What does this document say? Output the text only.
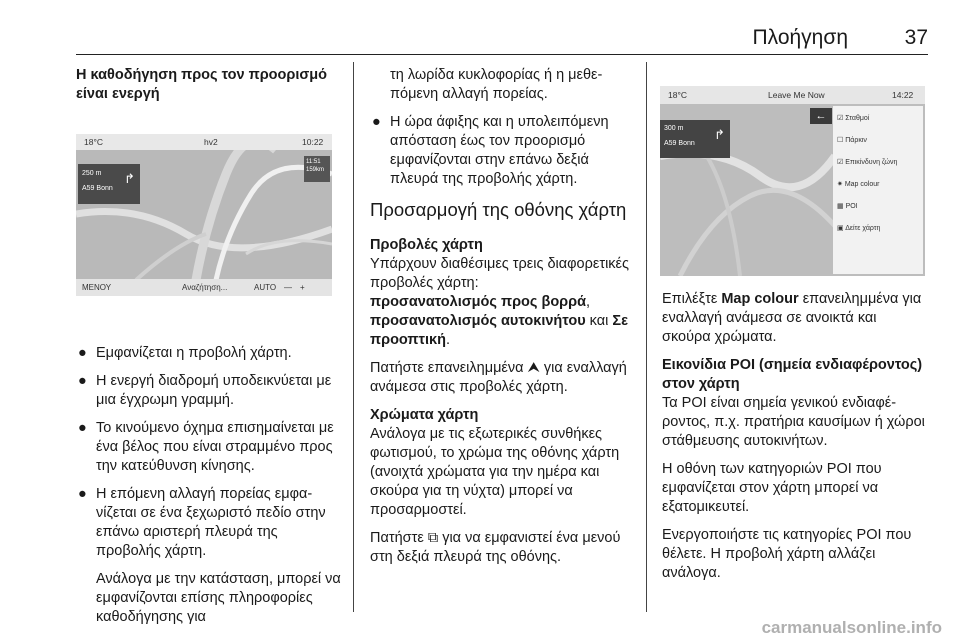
Πλοήγηση	37
Η καθοδήγηση προς τον προορισμό είναι ενεργή
18°C	hv2	10:22
250 m
A59 Bonn
↱
11:51
159km
ΜΕΝΟΥ	Αναζήτηση...	AUTO — +
● Εμφανίζεται η προβολή χάρτη.
● Η ενεργή διαδρομή υποδεικνύεται με μια έγχρωμη γραμμή.
● Το κινούμενο όχημα επισημαίνεται με ένα βέλος που είναι στραμμένο προς την κατεύθυνση κίνησης.
● Η επόμενη αλλαγή πορείας εμφανίζεται σε ένα ξεχωριστό πεδίο στην επάνω αριστερή πλευρά της προβολής χάρτη.

Ανάλογα με την κατάσταση, μπορεί να εμφανίζονται επίσης πληροφορίες καθοδήγησης για

τη λωρίδα κυκλοφορίας ή η μεθεπόμενη αλλαγή πορείας.

● Η ώρα άφιξης και η υπολειπόμενη απόσταση έως τον προορισμό εμφανίζονται στην επάνω δεξιά πλευρά της προβολής χάρτη.
Προσαρμογή της οθόνης χάρτη
Προβολές χάρτη

Υπάρχουν διαθέσιμες τρεις διαφορετικές προβολές χάρτη:
προσανατολισμός προς βορρά, προσανατολισμός αυτοκινήτου και Σε προοπτική.

Πατήστε επανειλημμένα ⮝ για εναλλαγή ανάμεσα στις προβολές χάρτη.

Χρώματα χάρτη

Ανάλογα με τις εξωτερικές συνθήκες φωτισμού, το χρώμα της οθόνης χάρτη (ανοιχτά χρώματα για την ημέρα και σκούρα για τη νύχτα) μπορεί να προσαρμοστεί.

Πατήστε ⧉ για να εμφανιστεί ένα μενού στη δεξιά πλευρά της οθόνης.

18°C	Leave Me Now	14:22
300 m
A59 Bonn
↱
←	☑ Σταθμοί
☐ Πάρκιν
☑ Επικίνδυνη ζώνη
✷ Map colour
▦ POI
▣ Δείτε χάρτη

Επιλέξτε Map colour επανειλημμένα για εναλλαγή ανάμεσα σε ανοικτά και σκούρα χρώματα.

Εικονίδια POI (σημεία ενδιαφέροντος) στον χάρτη

Τα POI είναι σημεία γενικού ενδιαφέροντος, π.χ. πρατήρια καυσίμων ή χώροι στάθμευσης αυτοκινήτων.

Η οθόνη των κατηγοριών POI που εμφανίζεται στον χάρτη μπορεί να εξατομικευτεί.

Ενεργοποιήστε τις κατηγορίες POI που θέλετε. Η προβολή χάρτη αλλάζει ανάλογα.

carmanualsonline.info
